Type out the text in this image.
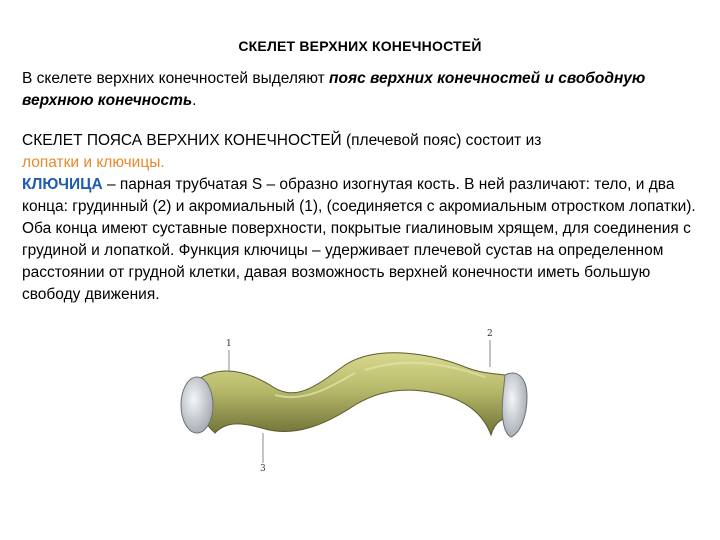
СКЕЛЕТ ВЕРХНИХ КОНЕЧНОСТЕЙ
В скелете верхних конечностей выделяют пояс верхних конечностей и свободную верхнюю конечность.
СКЕЛЕТ ПОЯСА ВЕРХНИХ КОНЕЧНОСТЕЙ (плечевой пояс) состоит из
лопатки и ключицы.
КЛЮЧИЦА – парная трубчатая S – образно изогнутая кость. В ней различают: тело, и два конца: грудинный (2) и акромиальный (1), (соединяется с акромиальным отростком лопатки). Оба конца имеют суставные поверхности, покрытые гиалиновым хрящем, для соединения с грудиной и лопаткой. Функция ключицы – удерживает плечевой сустав на определенном расстоянии от грудной клетки, давая возможность верхней конечности иметь большую свободу движения.
1
2
3
